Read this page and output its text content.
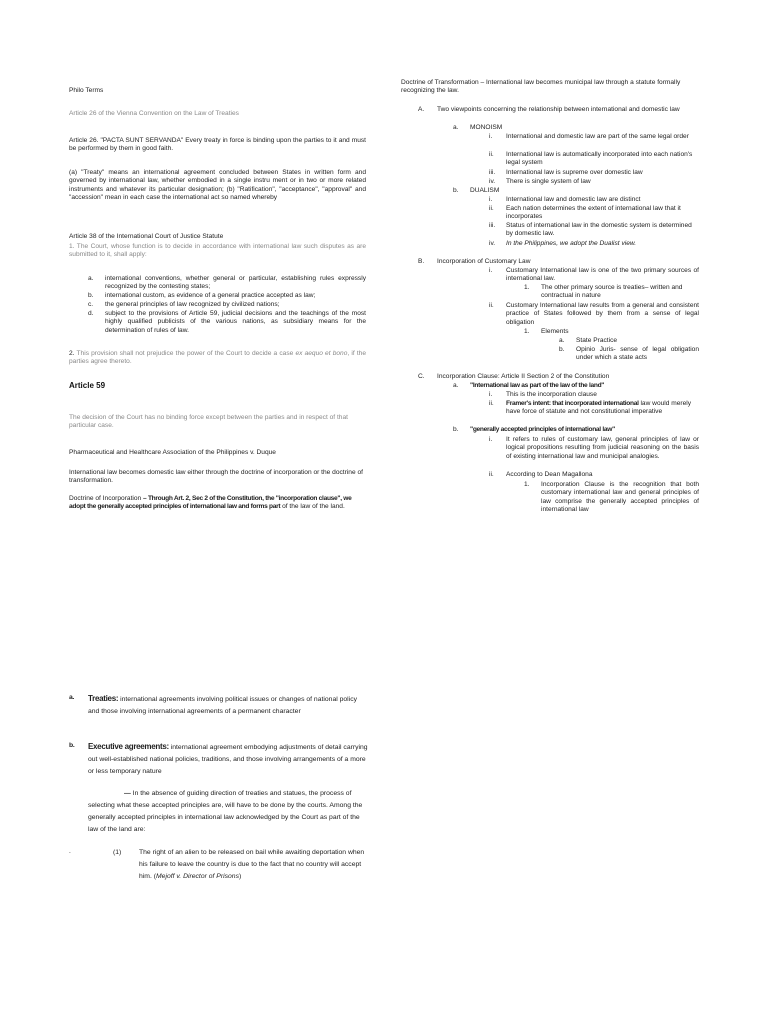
Philo Terms
Article 26 of the Vienna Convention on the Law of Treaties
Article 26. "PACTA SUNT SERVANDA" Every treaty in force is binding upon the parties to it and must be performed by them in good faith.
(a) "Treaty" means an international agreement concluded between States in written form and governed by international law, whether embodied in a single instru ment or in two or more related instruments and whatever its particular designation; (b) "Ratification", "acceptance", "approval" and "accession" mean in each case the international act so named whereby
Article 38 of the International Court of Justice Statute
1. The Court, whose function is to decide in accordance with international law such disputes as are submitted to it, shall apply:
a.	international conventions, whether general or particular, establishing rules expressly recognized by the contesting states;
b.	international custom, as evidence of a general practice accepted as law;
c.	the general principles of law recognized by civilized nations;
d.	subject to the provisions of Article 59, judicial decisions and the teachings of the most highly qualified publicists of the various nations, as subsidiary means for the determination of rules of law.
2. This provision shall not prejudice the power of the Court to decide a case ex aequo et bono, if the parties agree thereto.
Article 59
The decision of the Court has no binding force except between the parties and in respect of that particular case.
Pharmaceutical and Healthcare Association of the Philippines v. Duque
International law becomes domestic law either through the doctrine of incorporation or the doctrine of transformation.
Doctrine of Incorporation – Through Art. 2, Sec 2 of the Constitution, the "incorporation clause", we adopt the generally accepted principles of international law and forms part of the law of the land.
Doctrine of Transformation – International law becomes municipal law through a statute formally recognizing the law.
A.	Two viewpoints concerning the relationship between international and domestic law
a.	MONOISM
i.	International and domestic law are part of the same legal order
ii.	International law is automatically incorporated into each nation's legal system
iii.	International law is supreme over domestic law
iv.	There is single system of law
b.	DUALISM
i.	International law and domestic law are distinct
ii.	Each nation determines the extent of international law that it incorporates
iii.	Status of international law in the domestic system is determined by domestic law.
iv.	In the Philippines, we adopt the Dualist view.
B.	Incorporation of Customary Law
i.	Customary International law is one of the two primary sources of international law.
1.	The other primary source is treaties– written and contractual in nature
ii.	Customary International law results from a general and consistent practice of States followed by them from a sense of legal obligation
1.	Elements
a.	State Practice
b.	Opinio Juris- sense of legal obligation under which a state acts
C.	Incorporation Clause: Article II Section 2 of the Constitution
a.	"International law as part of the law of the land"
i.	This is the incorporation clause
ii.	Framer's intent: that incorporated international law would merely have force of statute and not constitutional imperative
b.	"generally accepted principles of international law"
i.	It refers to rules of customary law, general principles of law or logical propositions resulting from judicial reasoning on the basis of existing international law and municipal analogies.
ii.	According to Dean Magallona
1.	Incorporation Clause is the recognition that both customary international law and general principles of law comprise the generally accepted principles of international law
a.	Treaties: international agreements involving political issues or changes of national policy and those involving international agreements of a permanent character
b.	Executive agreements: international agreement embodying adjustments of detail carrying out well-established national policies, traditions, and those involving arrangements of a more or less temporary nature
— In the absence of guiding direction of treaties and statues, the process of selecting what these accepted principles are, will have to be done by the courts. Among the generally accepted principles in international law acknowledged by the Court as part of the law of the land are:
.	(1)	The right of an alien to be released on bail while awaiting deportation when his failure to leave the country is due to the fact that no country will accept him. (Mejoff v. Director of Prisons)
